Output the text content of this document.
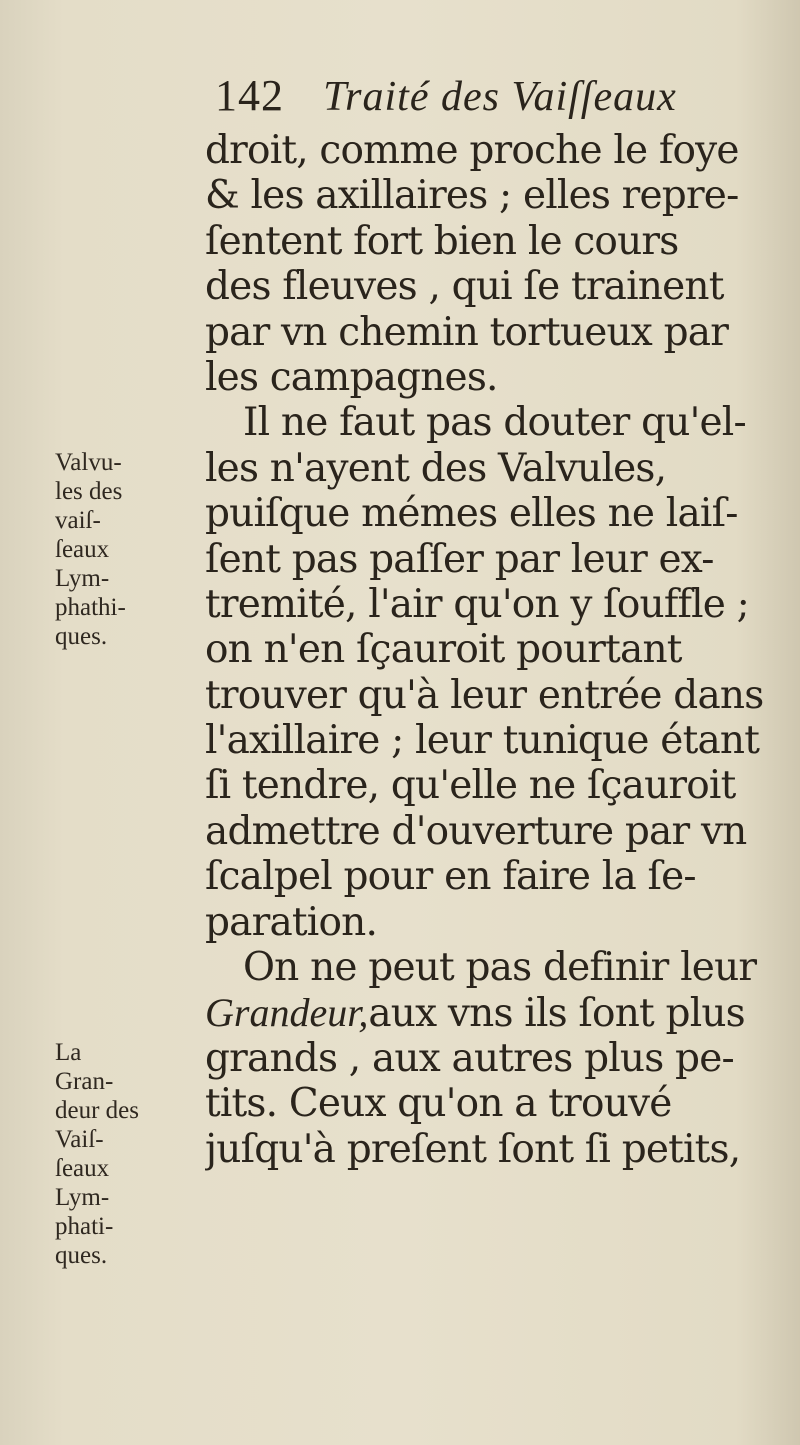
142 Traité des Vaiſſeaux
Valvu-
les des
vaiſ-
ſeaux
Lym-
phathi-
ques.
La
Gran-
deur des
Vaiſ-
ſeaux
Lym-
phati-
ques.
droit, comme proche le foye
& les axillaires ; elles repre-
ſentent fort bien le cours
des fleuves , qui ſe trainent
par vn chemin tortueux par
les campagnes.
Il ne faut pas douter qu'el-
les n'ayent des Valvules,
puiſque mémes elles ne laiſ-
ſent pas paſſer par leur ex-
tremité, l'air qu'on y ſouffle ;
on n'en ſçauroit pourtant
trouver qu'à leur entrée dans
l'axillaire ; leur tunique étant
ſi tendre, qu'elle ne ſçauroit
admettre d'ouverture par vn
ſcalpel pour en faire la ſe-
paration.
On ne peut pas definir leur
Grandeur,aux vns ils ſont plus
grands , aux autres plus pe-
tits. Ceux qu'on a trouvé
juſqu'à preſent ſont ſi petits,
